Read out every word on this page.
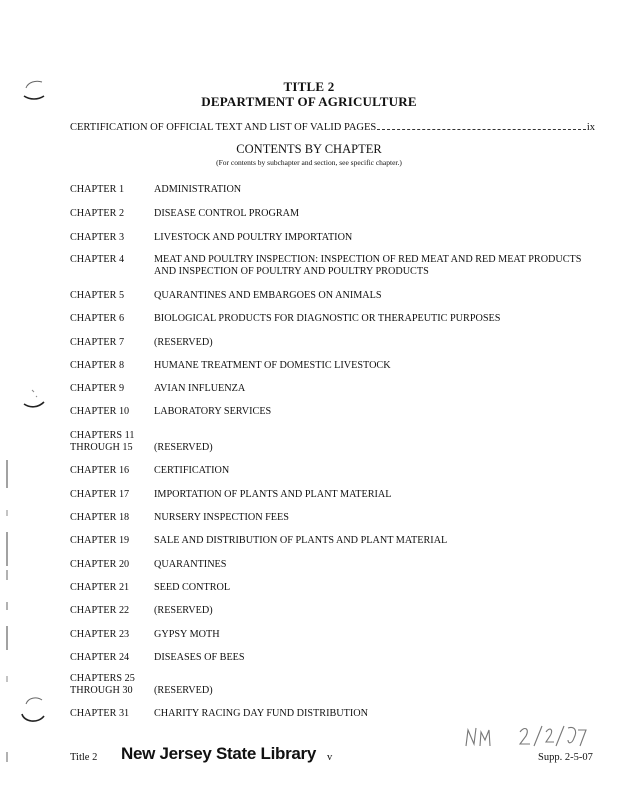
TITLE 2
DEPARTMENT OF AGRICULTURE
CERTIFICATION OF OFFICIAL TEXT AND LIST OF VALID PAGES	ix
CONTENTS BY CHAPTER
(For contents by subchapter and section, see specific chapter.)
CHAPTER 1	ADMINISTRATION
CHAPTER 2	DISEASE CONTROL PROGRAM
CHAPTER 3	LIVESTOCK AND POULTRY IMPORTATION
CHAPTER 4	MEAT AND POULTRY INSPECTION: INSPECTION OF RED MEAT AND RED MEAT PRODUCTS AND INSPECTION OF POULTRY AND POULTRY PRODUCTS
CHAPTER 5	QUARANTINES AND EMBARGOES ON ANIMALS
CHAPTER 6	BIOLOGICAL PRODUCTS FOR DIAGNOSTIC OR THERAPEUTIC PURPOSES
CHAPTER 7	(RESERVED)
CHAPTER 8	HUMANE TREATMENT OF DOMESTIC LIVESTOCK
CHAPTER 9	AVIAN INFLUENZA
CHAPTER 10	LABORATORY SERVICES
CHAPTERS 11
THROUGH 15	(RESERVED)
CHAPTER 16	CERTIFICATION
CHAPTER 17	IMPORTATION OF PLANTS AND PLANT MATERIAL
CHAPTER 18	NURSERY INSPECTION FEES
CHAPTER 19	SALE AND DISTRIBUTION OF PLANTS AND PLANT MATERIAL
CHAPTER 20	QUARANTINES
CHAPTER 21	SEED CONTROL
CHAPTER 22	(RESERVED)
CHAPTER 23	GYPSY MOTH
CHAPTER 24	DISEASES OF BEES
CHAPTERS 25
THROUGH 30	(RESERVED)
CHAPTER 31	CHARITY RACING DAY FUND DISTRIBUTION
Title 2 New Jersey State Library v	Supp. 2-5-07
